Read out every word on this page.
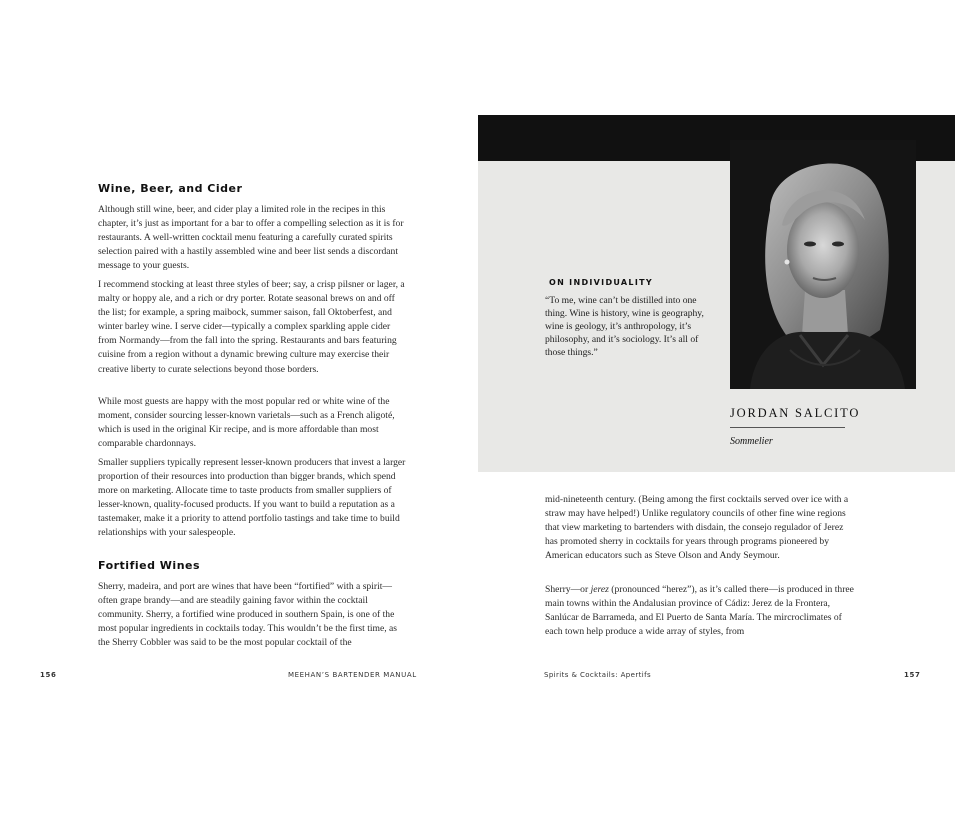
Wine, Beer, and Cider

Although still wine, beer, and cider play a limited role in the recipes in this chapter, it’s just as important for a bar to offer a compelling selection as it is for restaurants. A well-written cocktail menu featuring a carefully curated spirits selection paired with a hastily assembled wine and beer list sends a discordant message to your guests.

I recommend stocking at least three styles of beer; say, a crisp pilsner or lager, a malty or hoppy ale, and a rich or dry porter. Rotate seasonal brews on and off the list; for example, a spring maibock, summer saison, fall Oktoberfest, and winter barley wine. I serve cider—typically a complex sparkling apple cider from Normandy—from the fall into the spring. Restaurants and bars featuring cuisine from a region without a dynamic brewing culture may exercise their creative liberty to curate selections beyond those borders.

While most guests are happy with the most popular red or white wine of the moment, consider sourcing lesser-known varietals—such as a French aligoté, which is used in the original Kir recipe, and is more affordable than most comparable chardonnays.

Smaller suppliers typically represent lesser-known producers that invest a larger proportion of their resources into production than bigger brands, which spend more on marketing. Allocate time to taste products from smaller suppliers of lesser-known, quality-focused products. If you want to build a reputation as a tastemaker, make it a priority to attend portfolio tastings and take time to build relationships with your salespeople.

Fortified Wines

Sherry, madeira, and port are wines that have been “fortified” with a spirit—often grape brandy—and are steadily gaining favor within the cocktail community. Sherry, a fortified wine produced in southern Spain, is one of the most popular ingredients in cocktails today. This wouldn’t be the first time, as the Sherry Cobbler was said to be the most popular cocktail of the

156	MEEHAN’S BARTENDER MANUAL

ON INDIVIDUALITY

“To me, wine can’t be distilled into one thing. Wine is history, wine is geography, wine is geology, it’s anthropology, it’s philosophy, and it’s sociology. It’s all of those things.”

JORDAN SALCITO

Sommelier

mid-nineteenth century. (Being among the first cocktails served over ice with a straw may have helped!) Unlike regulatory councils of other fine wine regions that view marketing to bartenders with disdain, the consejo regulador of Jerez has promoted sherry in cocktails for years through programs pioneered by American educators such as Steve Olson and Andy Seymour.

Sherry—or jerez (pronounced “herez”), as it’s called there—is produced in three main towns within the Andalusian province of Cádiz: Jerez de la Frontera, Sanlúcar de Barrameda, and El Puerto de Santa María. The mircroclimates of each town help produce a wide array of styles, from

Spirits & Cocktails: Apertifs	157
